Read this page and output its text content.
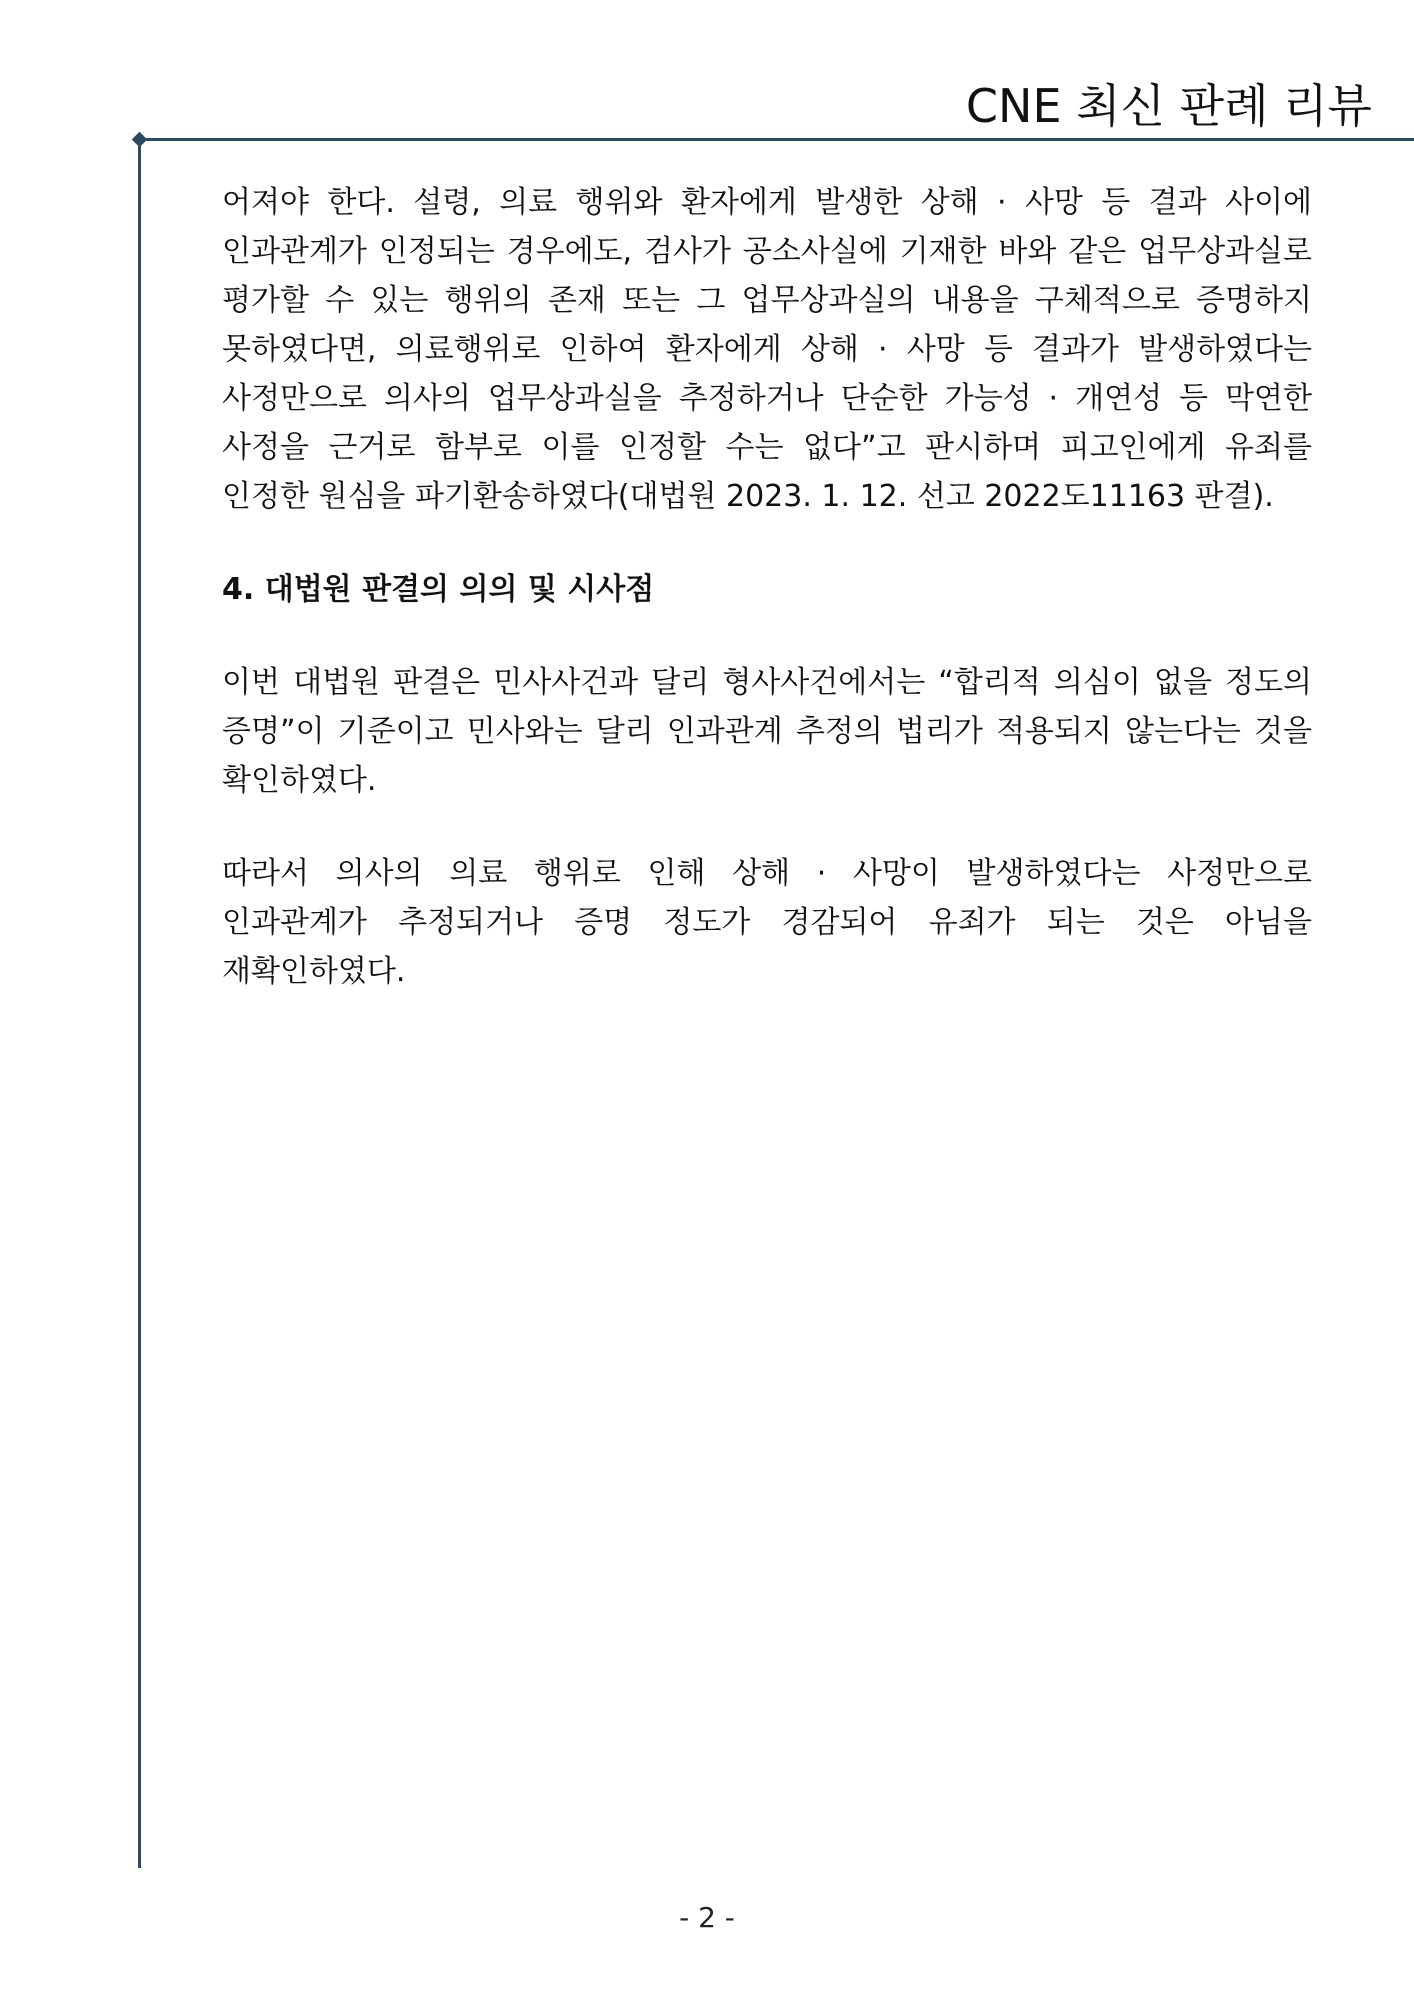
CNE 최신 판례 리뷰

어져야 한다. 설령, 의료 행위와 환자에게 발생한 상해 · 사망 등 결과 사이에 인과관계가 인정되는 경우에도, 검사가 공소사실에 기재한 바와 같은 업무상과실로 평가할 수 있는 행위의 존재 또는 그 업무상과실의 내용을 구체적으로 증명하지 못하였다면, 의료행위로 인하여 환자에게 상해 · 사망 등 결과가 발생하였다는 사정만으로 의사의 업무상과실을 추정하거나 단순한 가능성 · 개연성 등 막연한 사정을 근거로 함부로 이를 인정할 수는 없다”고 판시하며 피고인에게 유죄를 인정한 원심을 파기환송하였다(대법원 2023. 1. 12. 선고 2022도11163 판결).

4. 대법원 판결의 의의 및 시사점

이번 대법원 판결은 민사사건과 달리 형사사건에서는 “합리적 의심이 없을 정도의 증명”이 기준이고 민사와는 달리 인과관계 추정의 법리가 적용되지 않는다는 것을 확인하였다.

따라서 의사의 의료 행위로 인해 상해 · 사망이 발생하였다는 사정만으로 인과관계가 추정되거나 증명 정도가 경감되어 유죄가 되는 것은 아님을 재확인하였다.

- 2 -
